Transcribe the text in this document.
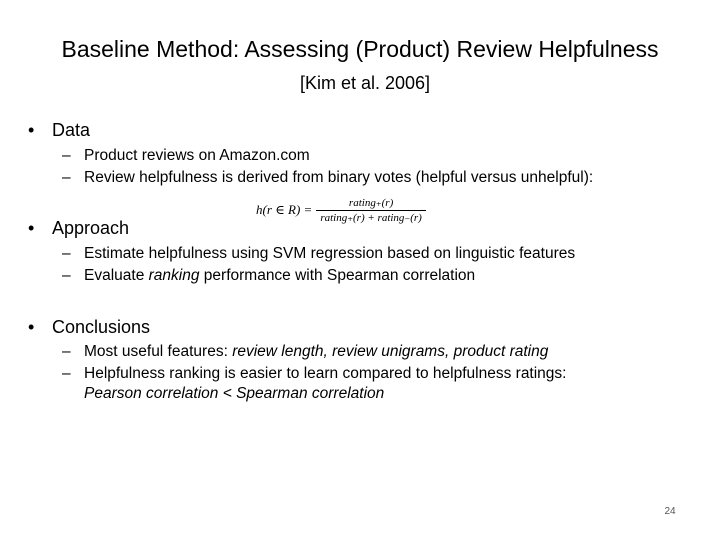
Baseline Method: Assessing (Product) Review Helpfulness
[Kim et al. 2006]
• Data
– Product reviews on Amazon.com
– Review helpfulness is derived from binary votes (helpful versus unhelpful):
h(r ∈ $R) = \frac{\text{rating₊(r)}}{\text{rating₊(r) + rating₋(r)}}$
• Approach
– Estimate helpfulness using SVM regression based on linguistic features
– Evaluate ranking performance with Spearman correlation
• Conclusions
– Most useful features: review length, review unigrams, product rating
– Helpfulness ranking is easier to learn compared to helpfulness ratings:
Pearson correlation < Spearman correlation
24
